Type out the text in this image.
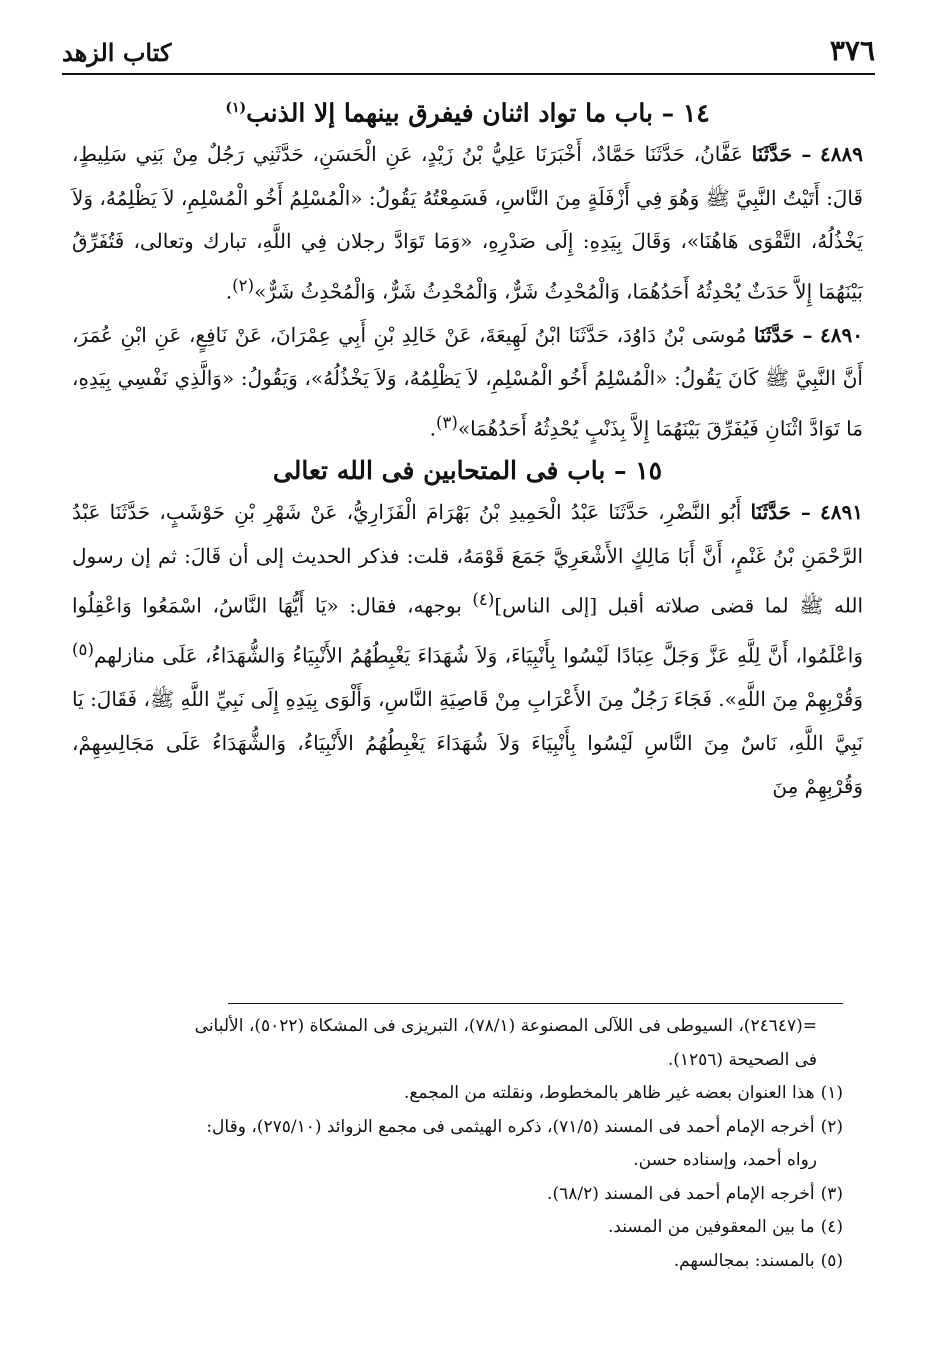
٣٧٦
كتاب الزهد
١٤ – باب ما تواد اثنان فيفرق بينهما إلا الذنب$^{(١)}$

٤٨٨٩ – حَدَّثَنَا عَفَّانُ، حَدَّثَنَا حَمَّادٌ، أَخْبَرَنَا عَلِيُّ بْنُ زَيْدٍ، عَنِ الْحَسَنِ، حَدَّثَنِي رَجُلٌ مِنْ بَنِي سَلِيطٍ، قَالَ: أَتَيْتُ النَّبِيَّ ﷺ وَهُوَ فِي أَزْفَلَةٍ مِنَ النَّاسِ، فَسَمِعْتُهُ يَقُولُ: «الْمُسْلِمُ أَخُو الْمُسْلِمِ، لاَ يَظْلِمُهُ، وَلاَ يَخْذُلُهُ، التَّقْوَى هَاهُنَا»، وَقَالَ بِيَدِهِ: إِلَى صَدْرِهِ، «وَمَا تَوَادَّ رجلان فِي اللَّهِ، تبارك وتعالى، فَتُفَرِّقُ بَيْنَهُمَا إِلاَّ حَدَثٌ يُحْدِثُهُ أَحَدُهُمَا، وَالْمُحْدِثُ شَرٌّ، وَالْمُحْدِثُ شَرٌّ، وَالْمُحْدِثُ شَرٌّ»$^{(٢)}$.

٤٨٩٠ – حَدَّثَنَا مُوسَى بْنُ دَاوُدَ، حَدَّثَنَا ابْنُ لَهِيعَةَ، عَنْ خَالِدِ بْنِ أَبِي عِمْرَانَ، عَنْ نَافِعٍ، عَنِ ابْنِ عُمَرَ، أَنَّ النَّبِيَّ ﷺ كَانَ يَقُولُ: «الْمُسْلِمُ أَخُو الْمُسْلِمِ، لاَ يَظْلِمُهُ، وَلاَ يَخْذُلُهُ»، وَيَقُولُ: «وَالَّذِي نَفْسِي بِيَدِهِ، مَا تَوَادَّ اثْنَانِ فَيُفَرِّقَ بَيْنَهُمَا إِلاَّ بِذَنْبٍ يُحْدِثُهُ أَحَدُهُمَا»$^{(٣)}$.

١٥ – باب فى المتحابين فى الله تعالى

٤٨٩١ – حَدَّثَنَا أَبُو النَّضْرِ، حَدَّثَنَا عَبْدُ الْحَمِيدِ بْنُ بَهْرَامَ الْفَزَارِيُّ، عَنْ شَهْرِ بْنِ حَوْشَبٍ، حَدَّثَنَا عَبْدُ الرَّحْمَنِ بْنُ غَنْمٍ، أَنَّ أَبَا مَالِكٍ الأَشْعَرِيَّ جَمَعَ قَوْمَهُ، قلت: فذكر الحديث إلى أن قَالَ: ثم إن رسول الله ﷺ لما قضى صلاته أقبل [إلى الناس]$^{(٤)}$ بوجهه، فقال: «يَا أَيُّهَا النَّاسُ، اسْمَعُوا وَاعْقِلُوا وَاعْلَمُوا، أَنَّ لِلَّهِ عَزَّ وَجَلَّ عِبَادًا لَيْسُوا بِأَنْبِيَاءَ، وَلاَ شُهَدَاءَ يَغْبِطُهُمُ الأَنْبِيَاءُ وَالشُّهَدَاءُ، عَلَى منازلهم$^{(٥)}$ وَقُرْبِهِمْ مِنَ اللَّهِ». فَجَاءَ رَجُلٌ مِنَ الأَعْرَابِ مِنْ قَاصِيَةِ النَّاسِ، وَأَلْوَى بِيَدِهِ إِلَى نَبِيِّ اللَّهِ ﷺ، فَقَالَ: يَا نَبِيَّ اللَّهِ، نَاسٌ مِنَ النَّاسِ لَيْسُوا بِأَنْبِيَاءَ وَلاَ شُهَدَاءَ يَغْبِطُهُمُ الأَنْبِيَاءُ، وَالشُّهَدَاءُ عَلَى مَجَالِسِهِمْ، وَقُرْبِهِمْ مِنَ

=(٢٤٦٤٧)، السيوطى فى اللآلى المصنوعة (٧٨/١)، التبريزى فى المشكاة (٥٠٢٢)، الألبانى

فى الصحيحة (١٢٥٦).

(١)هذا العنوان بعضه غير ظاهر بالمخطوط، ونقلته من المجمع.

(٢)أخرجه الإمام أحمد فى المسند (٧١/٥)، ذكره الهيثمى فى مجمع الزوائد (٢٧٥/١٠)، وقال:

رواه أحمد، وإسناده حسن.

(٣)أخرجه الإمام أحمد فى المسند (٦٨/٢).

(٤)ما بين المعقوفين من المسند.

(٥)بالمسند: بمجالسهم.
